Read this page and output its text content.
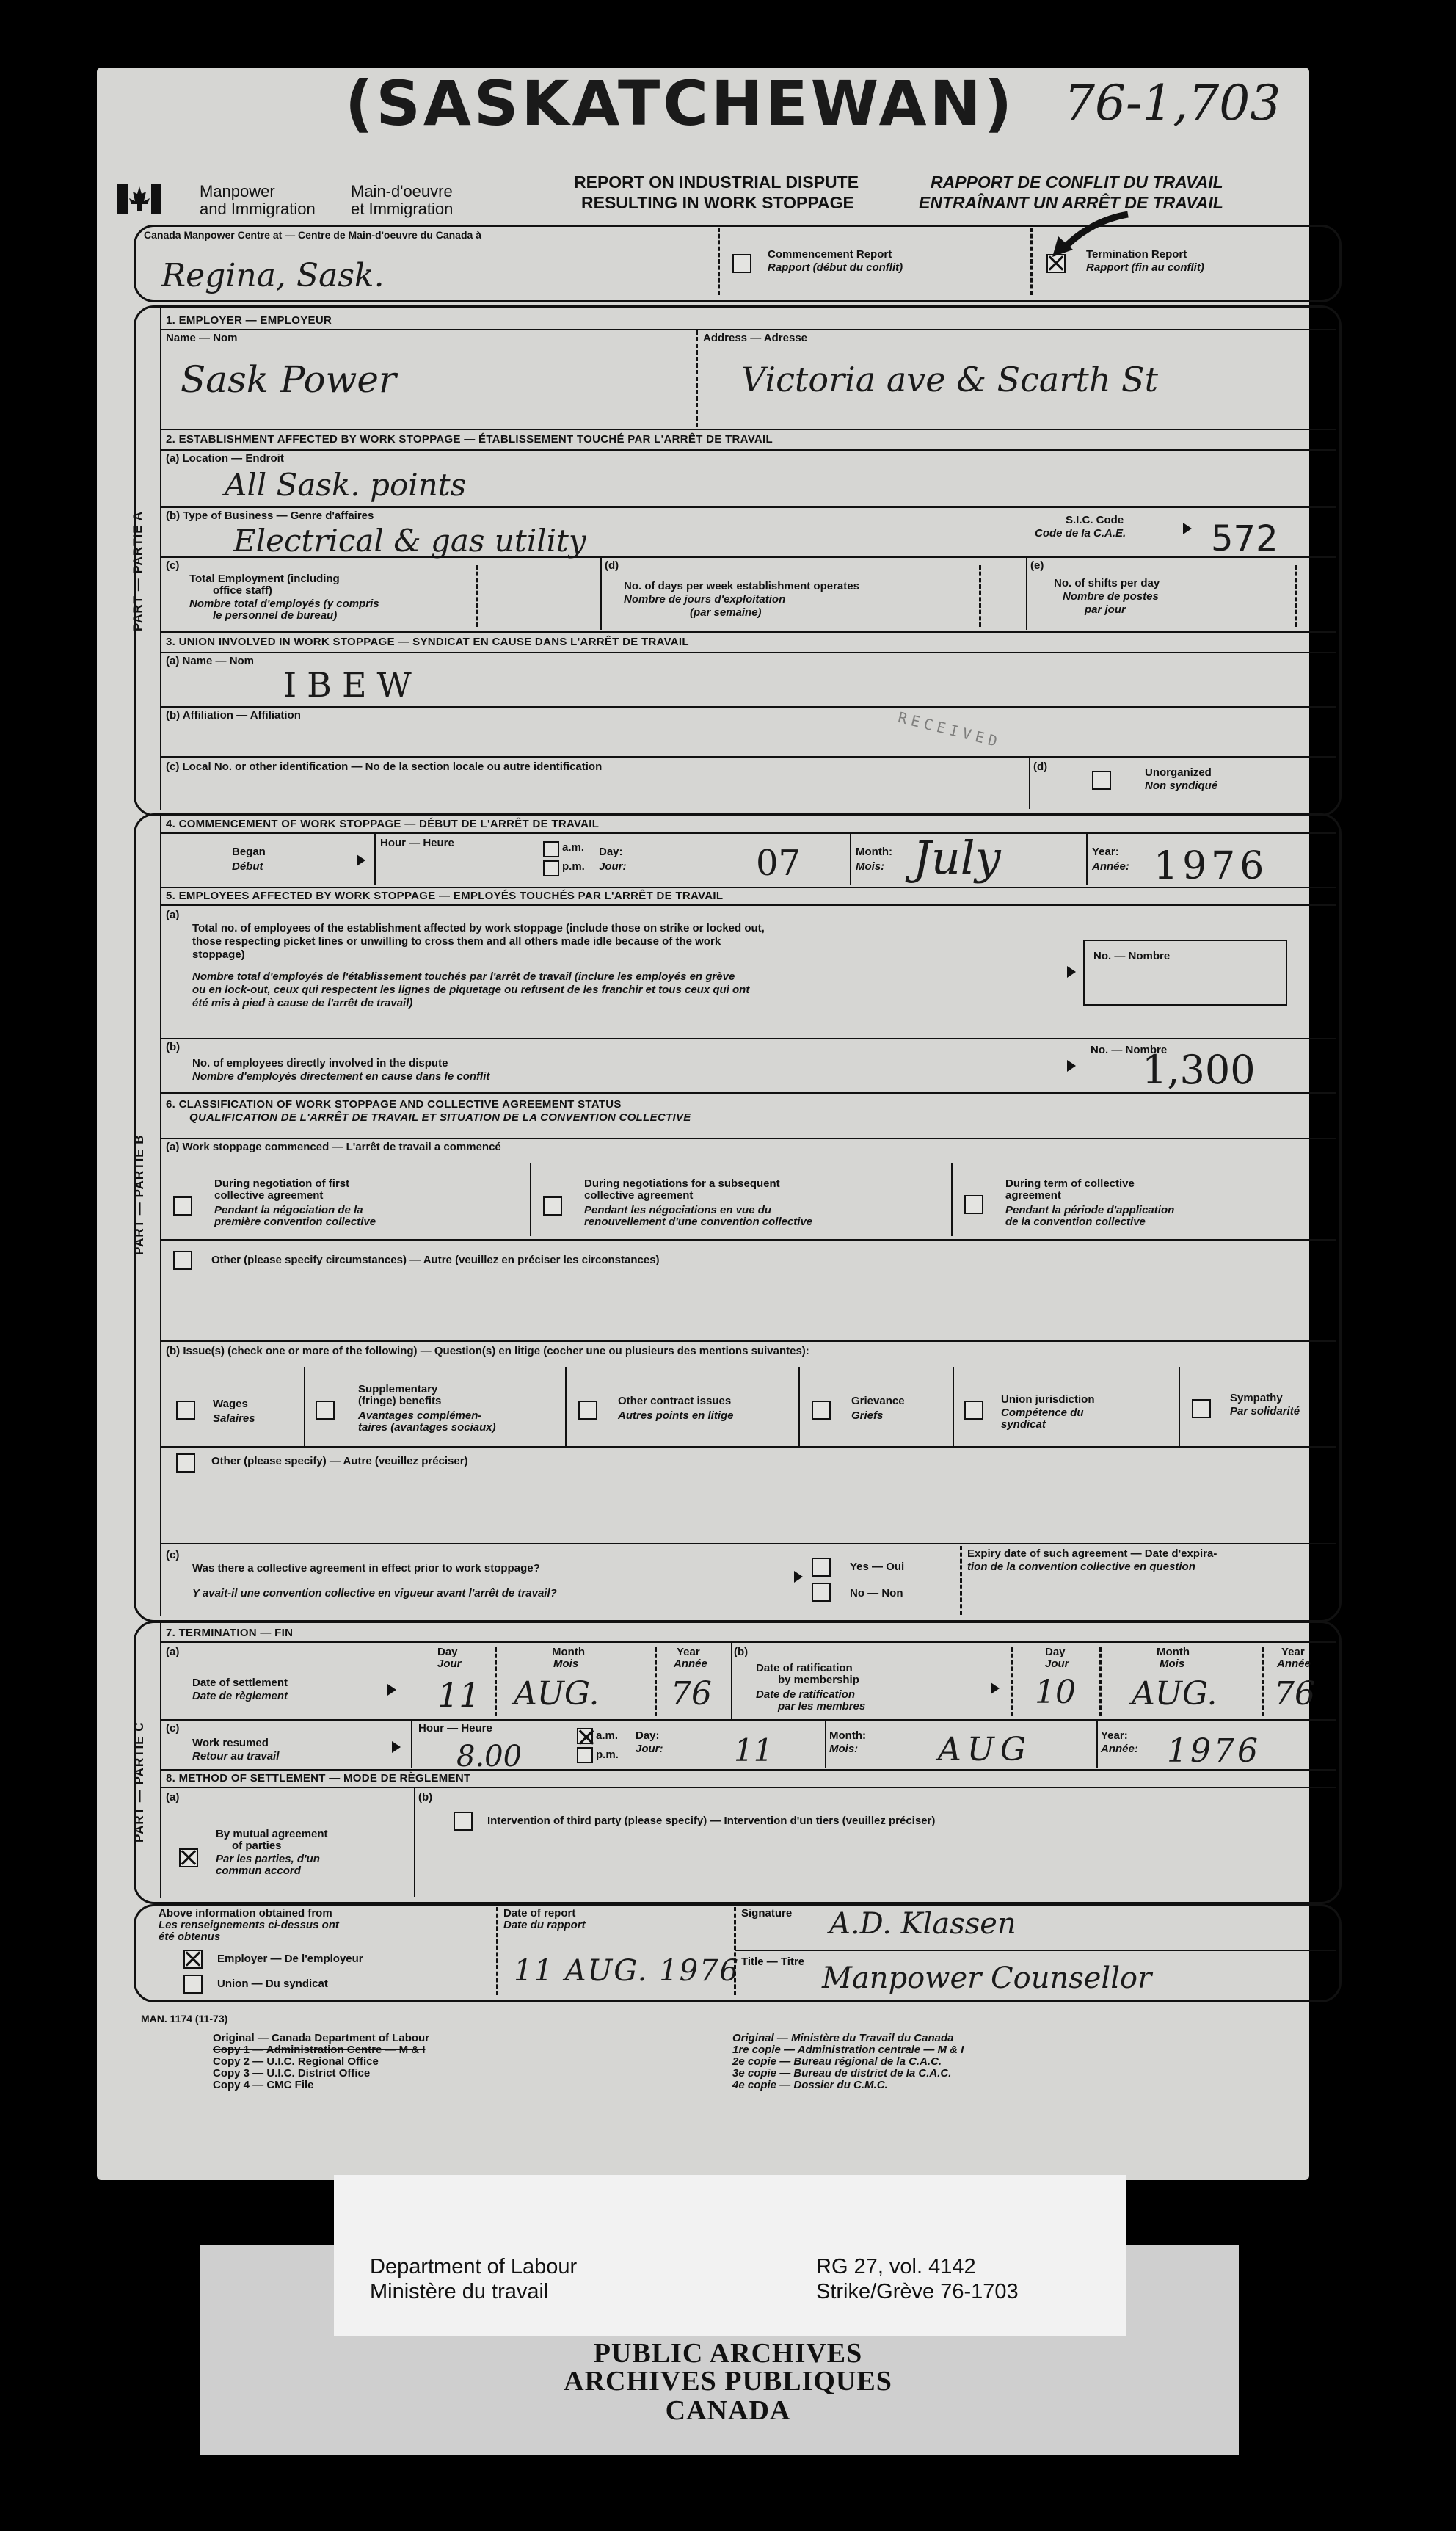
(SASKATCHEWAN) 76-1,703
Manpower
and Immigration
Main-d'oeuvre
et Immigration
REPORT ON INDUSTRIAL DISPUTE
RESULTING IN WORK STOPPAGE
RAPPORT DE CONFLIT DU TRAVAIL
ENTRAÎNANT UN ARRÊT DE TRAVAIL
Canada Manpower Centre at — Centre de Main-d'oeuvre du Canada à
Regina, Sask.
Commencement Report
Rapport (début du conflit)
Termination Report
Rapport (fin au conflit)
PART — PARTIE A
1. EMPLOYER — EMPLOYEUR
Name — Nom
Sask Power
Address — Adresse
Victoria ave & Scarth St
2. ESTABLISHMENT AFFECTED BY WORK STOPPAGE — ÉTABLISSEMENT TOUCHÉ PAR L'ARRÊT DE TRAVAIL
(a) Location — Endroit
All Sask. points
(b) Type of Business — Genre d'affaires
Electrical & gas utility
S.I.C. Code
Code de la C.A.E. 572
(c)
Total Employment (including
office staff)
Nombre total d'employés (y compris
le personnel de bureau)
(d)
No. of days per week establishment operates
Nombre de jours d'exploitation
(par semaine)
(e)
No. of shifts per day
Nombre de postes
par jour
3. UNION INVOLVED IN WORK STOPPAGE — SYNDICAT EN CAUSE DANS L'ARRÊT DE TRAVAIL
(a) Name — Nom
IBEW
(b) Affiliation — Affiliation
(c) Local No. or other identification — No de la section locale ou autre identification
RECEIVED
(d)	Unorganized
Non syndiqué
PART — PARTIE B
4. COMMENCEMENT OF WORK STOPPAGE — DÉBUT DE L'ARRÊT DE TRAVAIL
Began
Début
Hour — Heure	a.m.
p.m.
Day:
Jour:	07	Month:
Mois: July	Year:
Année: 1976
5. EMPLOYEES AFFECTED BY WORK STOPPAGE — EMPLOYÉS TOUCHÉS PAR L'ARRÊT DE TRAVAIL
(a)
Total no. of employees of the establishment affected by work stoppage (include those on strike or locked out,
those respecting picket lines or unwilling to cross them and all others made idle because of the work
stoppage)
Nombre total d'employés de l'établissement touchés par l'arrêt de travail (inclure les employés en grève
ou en lock-out, ceux qui respectent les lignes de piquetage ou refusent de les franchir et tous ceux qui ont
été mis à pied à cause de l'arrêt de travail)
No. — Nombre
(b)
No. of employees directly involved in the dispute
Nombre d'employés directement en cause dans le conflit
No. — Nombre
1,300
6. CLASSIFICATION OF WORK STOPPAGE AND COLLECTIVE AGREEMENT STATUS
QUALIFICATION DE L'ARRÊT DE TRAVAIL ET SITUATION DE LA CONVENTION COLLECTIVE
(a) Work stoppage commenced — L'arrêt de travail a commencé
During negotiation of first
collective agreement
Pendant la négociation de la
première convention collective
During negotiations for a subsequent
collective agreement
Pendant les négociations en vue du
renouvellement d'une convention collective
During term of collective
agreement
Pendant la période d'application
de la convention collective
Other (please specify circumstances) — Autre (veuillez en préciser les circonstances)
(b) Issue(s) (check one or more of the following) — Question(s) en litige (cocher une ou plusieurs des mentions suivantes):
Wages
Salaires
Supplementary
(fringe) benefits
Avantages complémen-
taires (avantages sociaux)
Other contract issues
Autres points en litige
Grievance
Griefs
Union jurisdiction
Compétence du
syndicat
Sympathy
Par solidarité
Other (please specify) — Autre (veuillez préciser)
(c)
Was there a collective agreement in effect prior to work stoppage?
Y avait-il une convention collective en vigueur avant l'arrêt de travail?
Yes — Oui
No — Non
Expiry date of such agreement — Date d'expira-
tion de la convention collective en question
PART — PARTIE C
7. TERMINATION — FIN
(a)
Date of settlement
Date de règlement
Day
Jour
11
Month
Mois
AUG.
Year
Année
76
(b)
Date of ratification
by membership
Date de ratification
par les membres
Day
Jour
10
Month
Mois
AUG.
Year
Année
76
(c)
Work resumed
Retour au travail
Hour — Heure
8.00
a.m.
p.m.
Day:
Jour: 11	Month:
Mois: AUG	Year:
Année: 1976
8. METHOD OF SETTLEMENT — MODE DE RÈGLEMENT
(a)
By mutual agreement
of parties
Par les parties, d'un
commun accord
(b)
Intervention of third party (please specify) — Intervention d'un tiers (veuillez préciser)
Above information obtained from
Les renseignements ci-dessus ont
été obtenus
Employer — De l'employeur
Union — Du syndicat
Date of report
Date du rapport
11 AUG. 1976
Signature A.D. Klassen
Title — Titre Manpower Counsellor
MAN. 1174 (11-73)
Original — Canada Department of Labour
Copy 1 — Administration Centre — M & I
Copy 2 — U.I.C. Regional Office
Copy 3 — U.I.C. District Office
Copy 4 — CMC File
Original — Ministère du Travail du Canada
1re copie — Administration centrale — M & I
2e copie — Bureau régional de la C.A.C.
3e copie — Bureau de district de la C.A.C.
4e copie — Dossier du C.M.C.
Department of Labour
Ministère du travail
RG 27, vol. 4142
Strike/Grève 76-1703
PUBLIC ARCHIVES
ARCHIVES PUBLIQUES
CANADA
